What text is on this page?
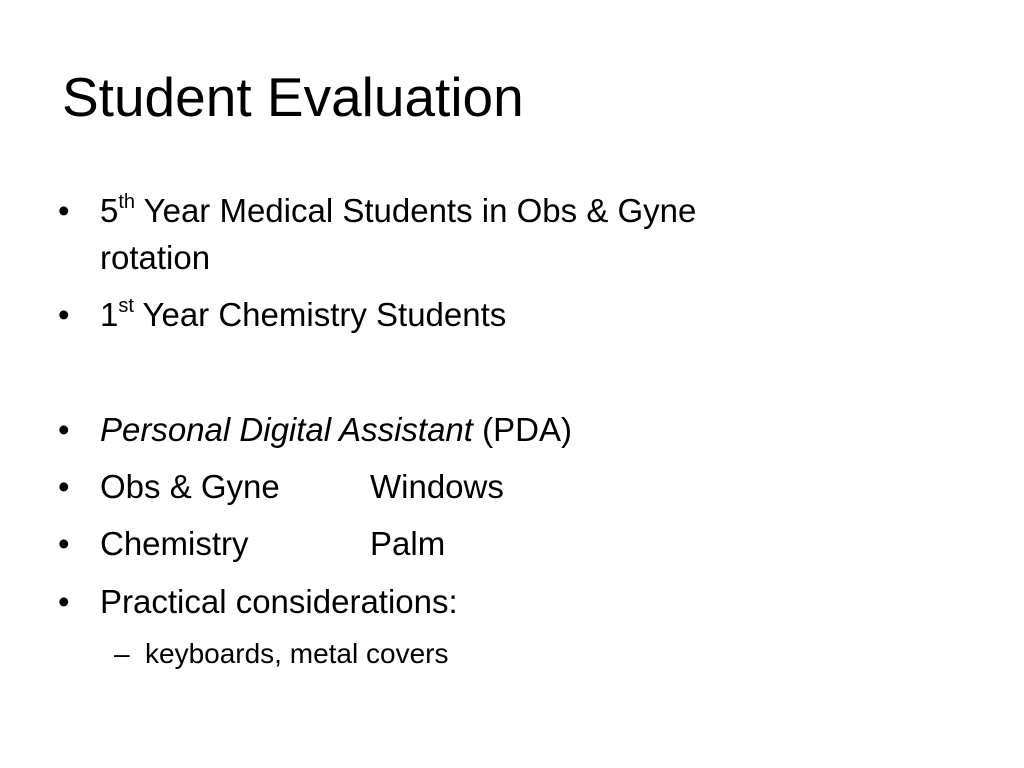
Student Evaluation
• 5th Year Medical Students in Obs & Gyne
rotation
• 1st Year Chemistry Students
• Personal Digital Assistant (PDA)
• Obs & Gyne	Windows
• Chemistry	Palm
• Practical considerations:
– keyboards, metal covers
